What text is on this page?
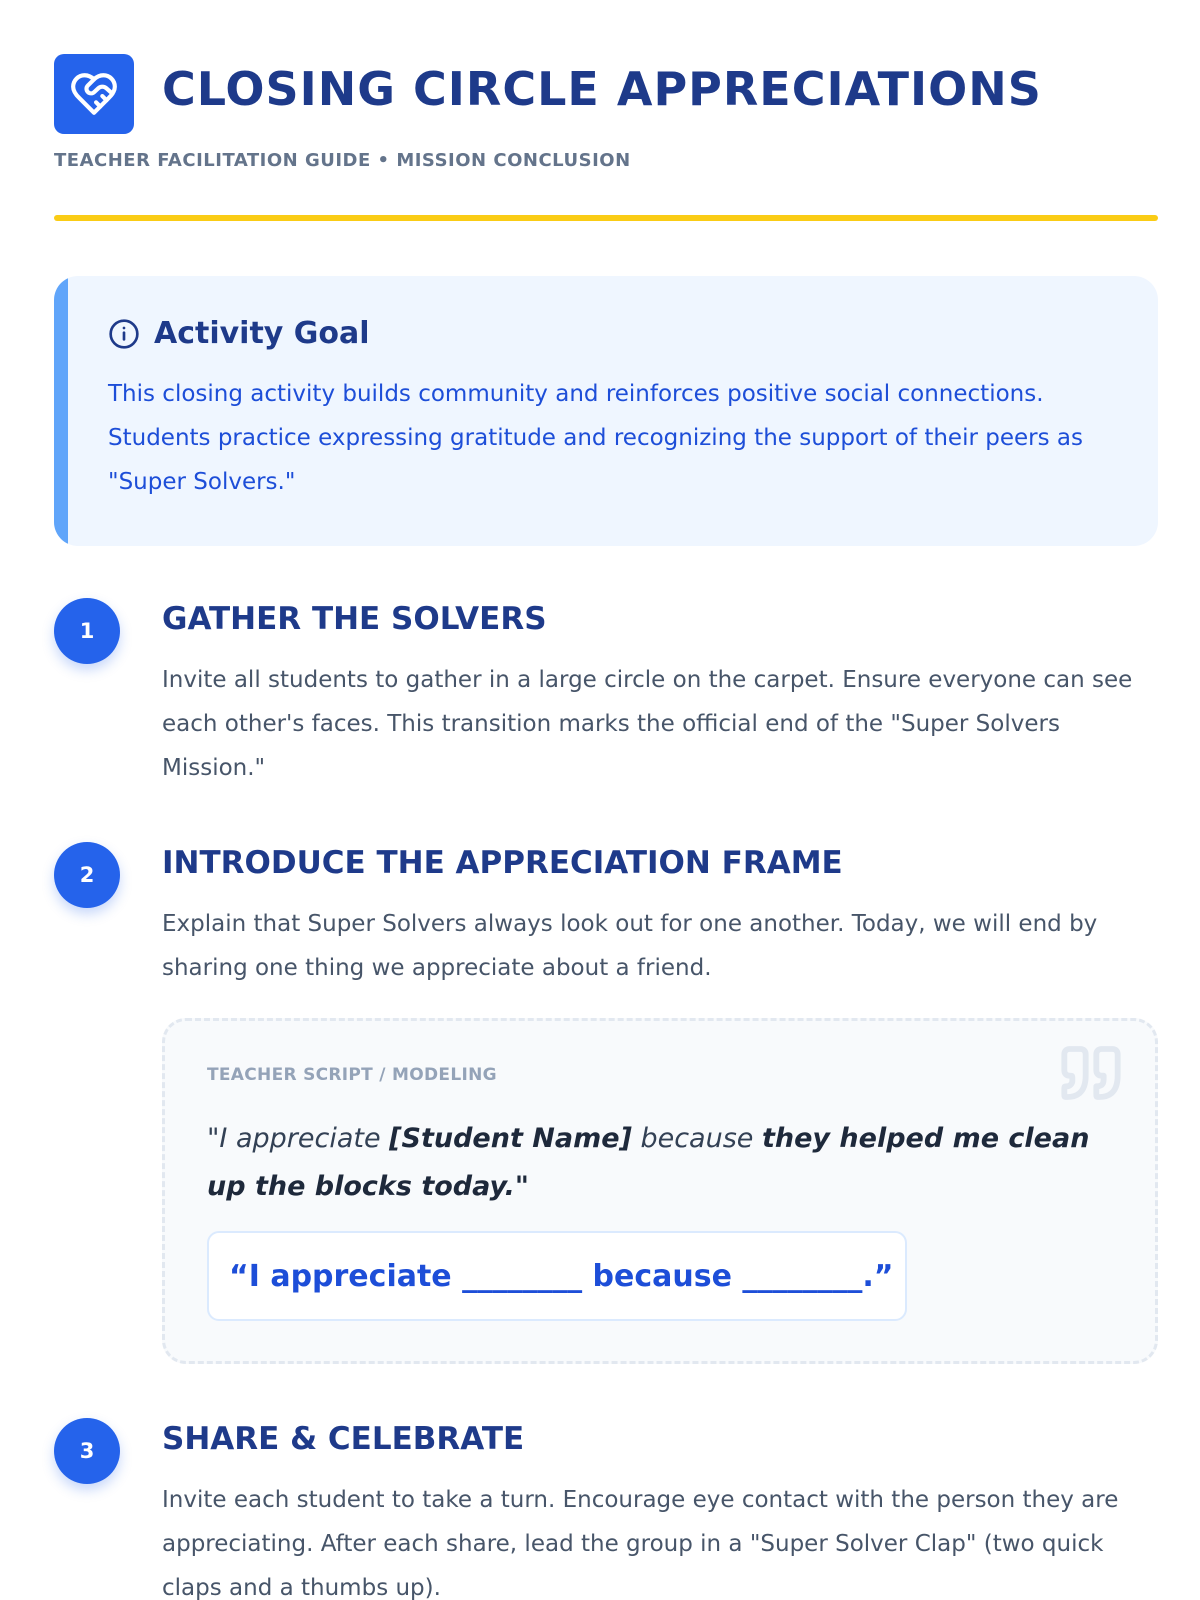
CLOSING CIRCLE APPRECIATIONS
TEACHER FACILITATION GUIDE • MISSION CONCLUSION
Activity Goal

This closing activity builds community and reinforces positive social connections. Students practice expressing gratitude and recognizing the support of their peers as "Super Solvers."

1	GATHER THE SOLVERS

Invite all students to gather in a large circle on the carpet. Ensure everyone can see each other's faces. This transition marks the official end of the "Super Solvers Mission."

2	INTRODUCE THE APPRECIATION FRAME

Explain that Super Solvers always look out for one another. Today, we will end by sharing one thing we appreciate about a friend.

TEACHER SCRIPT / MODELING

"I appreciate [Student Name] because they helped me clean up the blocks today."

“I appreciate ________ because ________.”
3	SHARE & CELEBRATE

Invite each student to take a turn. Encourage eye contact with the person they are appreciating. After each share, lead the group in a "Super Solver Clap" (two quick claps and a thumbs up).
